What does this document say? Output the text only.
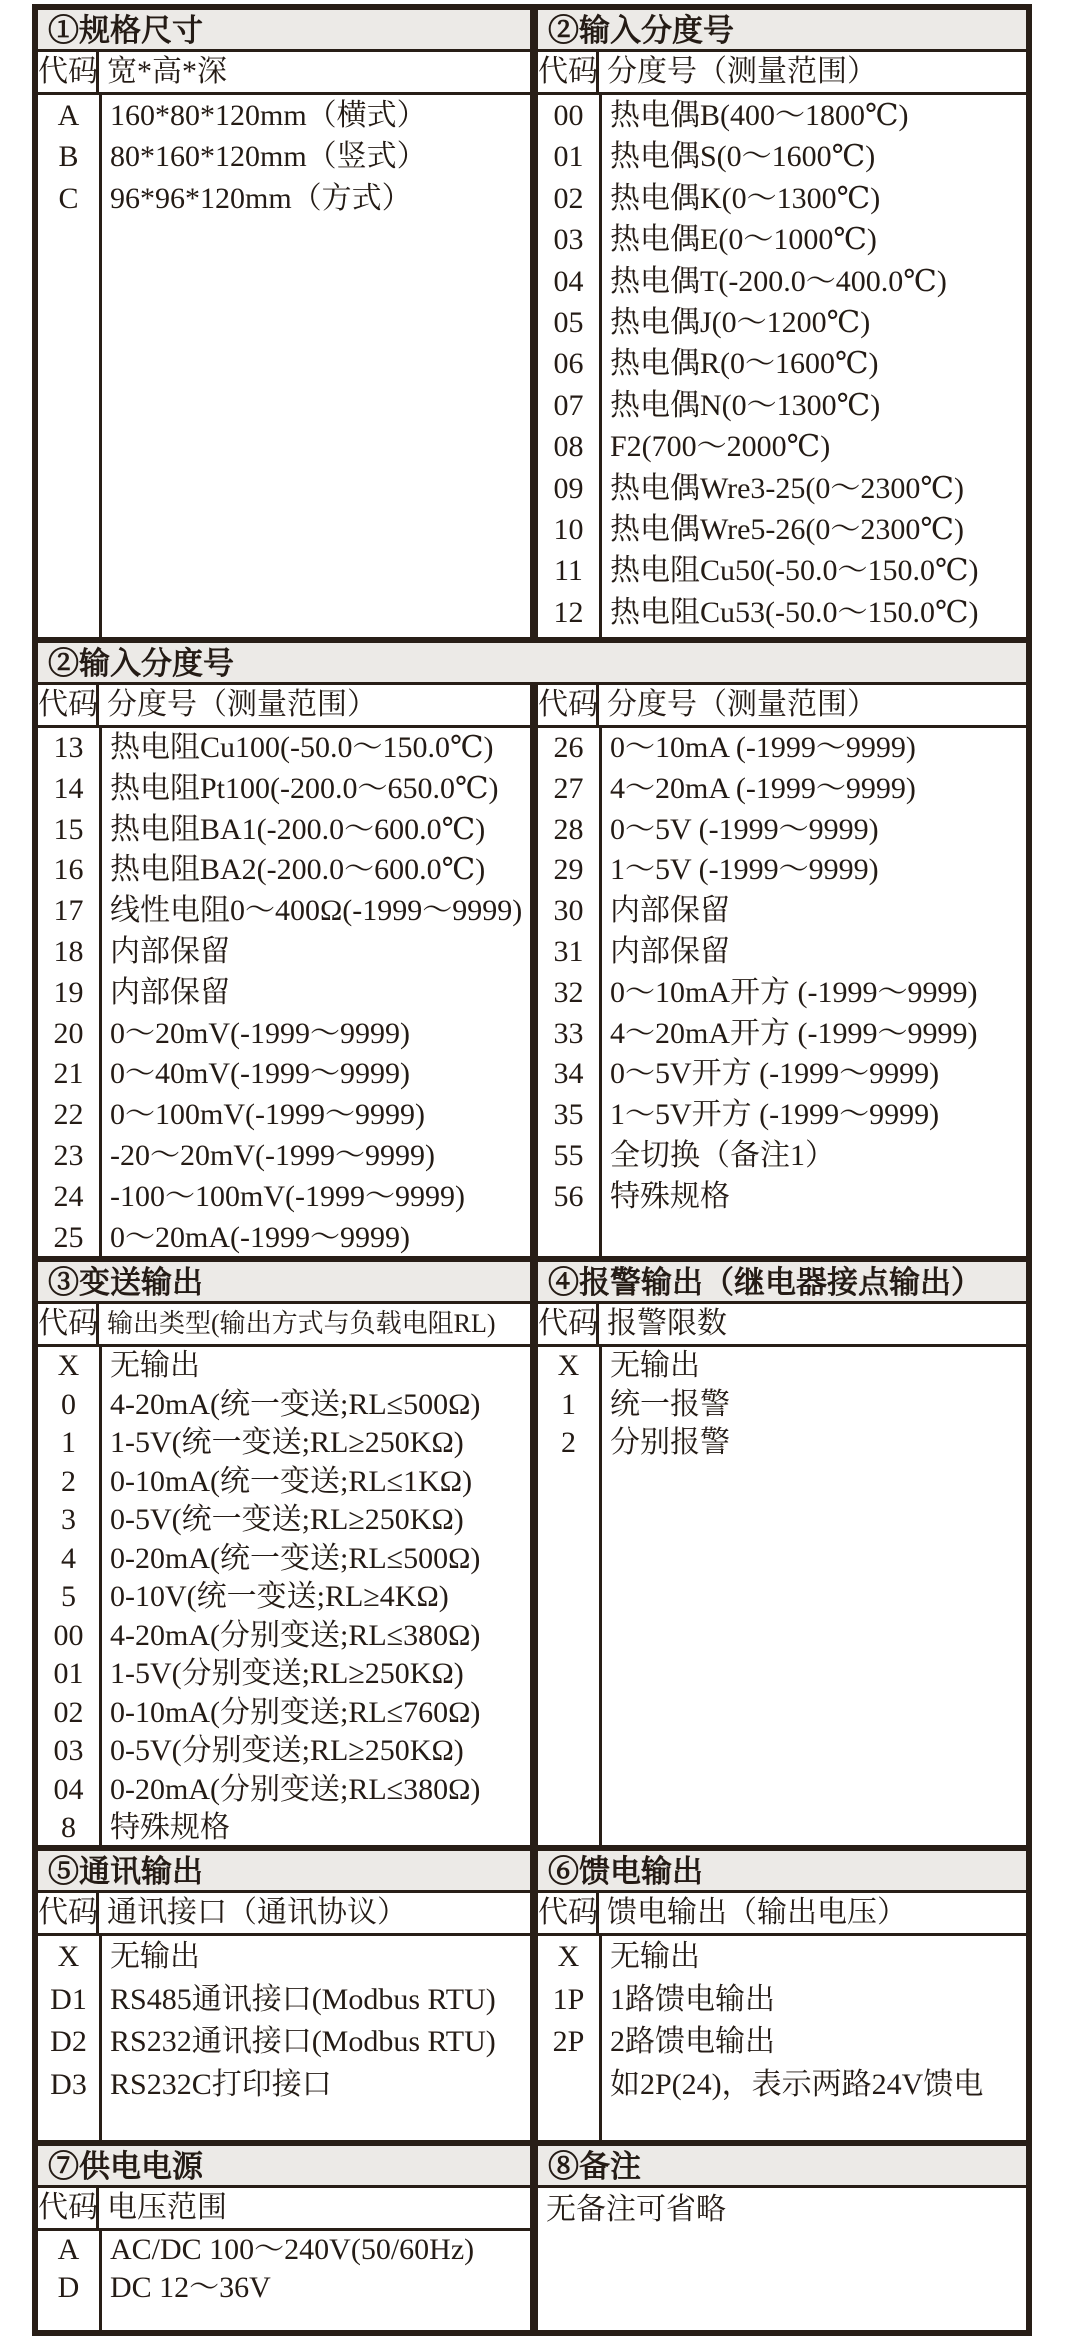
①规格尺寸
代码 宽*高*深
A	160*80*120mm（横式）
B	80*160*120mm（竖式）
C	96*96*120mm（方式）
②输入分度号
代码 分度号（测量范围）
00 热电偶B(400～1800℃)
01 热电偶S(0～1600℃)
02 热电偶K(0～1300℃)
03 热电偶E(0～1000℃)
04 热电偶T(-200.0～400.0℃)
05 热电偶J(0～1200℃)
06 热电偶R(0～1600℃)
07 热电偶N(0～1300℃)
08 F2(700～2000℃)
09 热电偶Wre3-25(0～2300℃)
10 热电偶Wre5-26(0～2300℃)
11 热电阻Cu50(-50.0～150.0℃)
12 热电阻Cu53(-50.0～150.0℃)
②输入分度号
代码 分度号（测量范围）
13 热电阻Cu100(-50.0～150.0℃)
14 热电阻Pt100(-200.0～650.0℃)
15 热电阻BA1(-200.0～600.0℃)
16 热电阻BA2(-200.0～600.0℃)
17 线性电阻0～400Ω(-1999～9999)
18 内部保留
19 内部保留
20 0～20mV(-1999～9999)
21 0～40mV(-1999～9999)
22 0～100mV(-1999～9999)
23 -20～20mV(-1999～9999)
24 -100～100mV(-1999～9999)
25 0～20mA(-1999～9999)
代码 分度号（测量范围）
26 0～10mA (-1999～9999)
27 4～20mA (-1999～9999)
28 0～5V (-1999～9999)
29 1～5V (-1999～9999)
30 内部保留
31 内部保留
32 0～10mA开方 (-1999～9999)
33 4～20mA开方 (-1999～9999)
34 0～5V开方 (-1999～9999)
35 1～5V开方 (-1999～9999)
55 全切换（备注1）
56 特殊规格
③变送输出
代码 输出类型(输出方式与负载电阻RL)
X	无输出
0	4-20mA(统一变送;RL≤500Ω)
1	1-5V(统一变送;RL≥250KΩ)
2	0-10mA(统一变送;RL≤1KΩ)
3	0-5V(统一变送;RL≥250KΩ)
4	0-20mA(统一变送;RL≤500Ω)
5	0-10V(统一变送;RL≥4KΩ)
00 4-20mA(分别变送;RL≤380Ω)
01 1-5V(分别变送;RL≥250KΩ)
02 0-10mA(分别变送;RL≤760Ω)
03 0-5V(分别变送;RL≥250KΩ)
04 0-20mA(分别变送;RL≤380Ω)
8	特殊规格
④报警输出（继电器接点输出）
代码 报警限数
X	无输出
1	统一报警
2	分别报警
⑤通讯输出
代码 通讯接口（通讯协议）
X	无输出
D1 RS485通讯接口(Modbus RTU)
D2 RS232通讯接口(Modbus RTU)
D3 RS232C打印接口
⑥馈电输出
代码 馈电输出（输出电压）
X	无输出
1P 1路馈电输出
2P 2路馈电输出
如2P(24)，表示两路24V馈电
⑦供电电源
代码 电压范围
A	AC/DC 100～240V(50/60Hz)
D	DC 12～36V
⑧备注
无备注可省略
